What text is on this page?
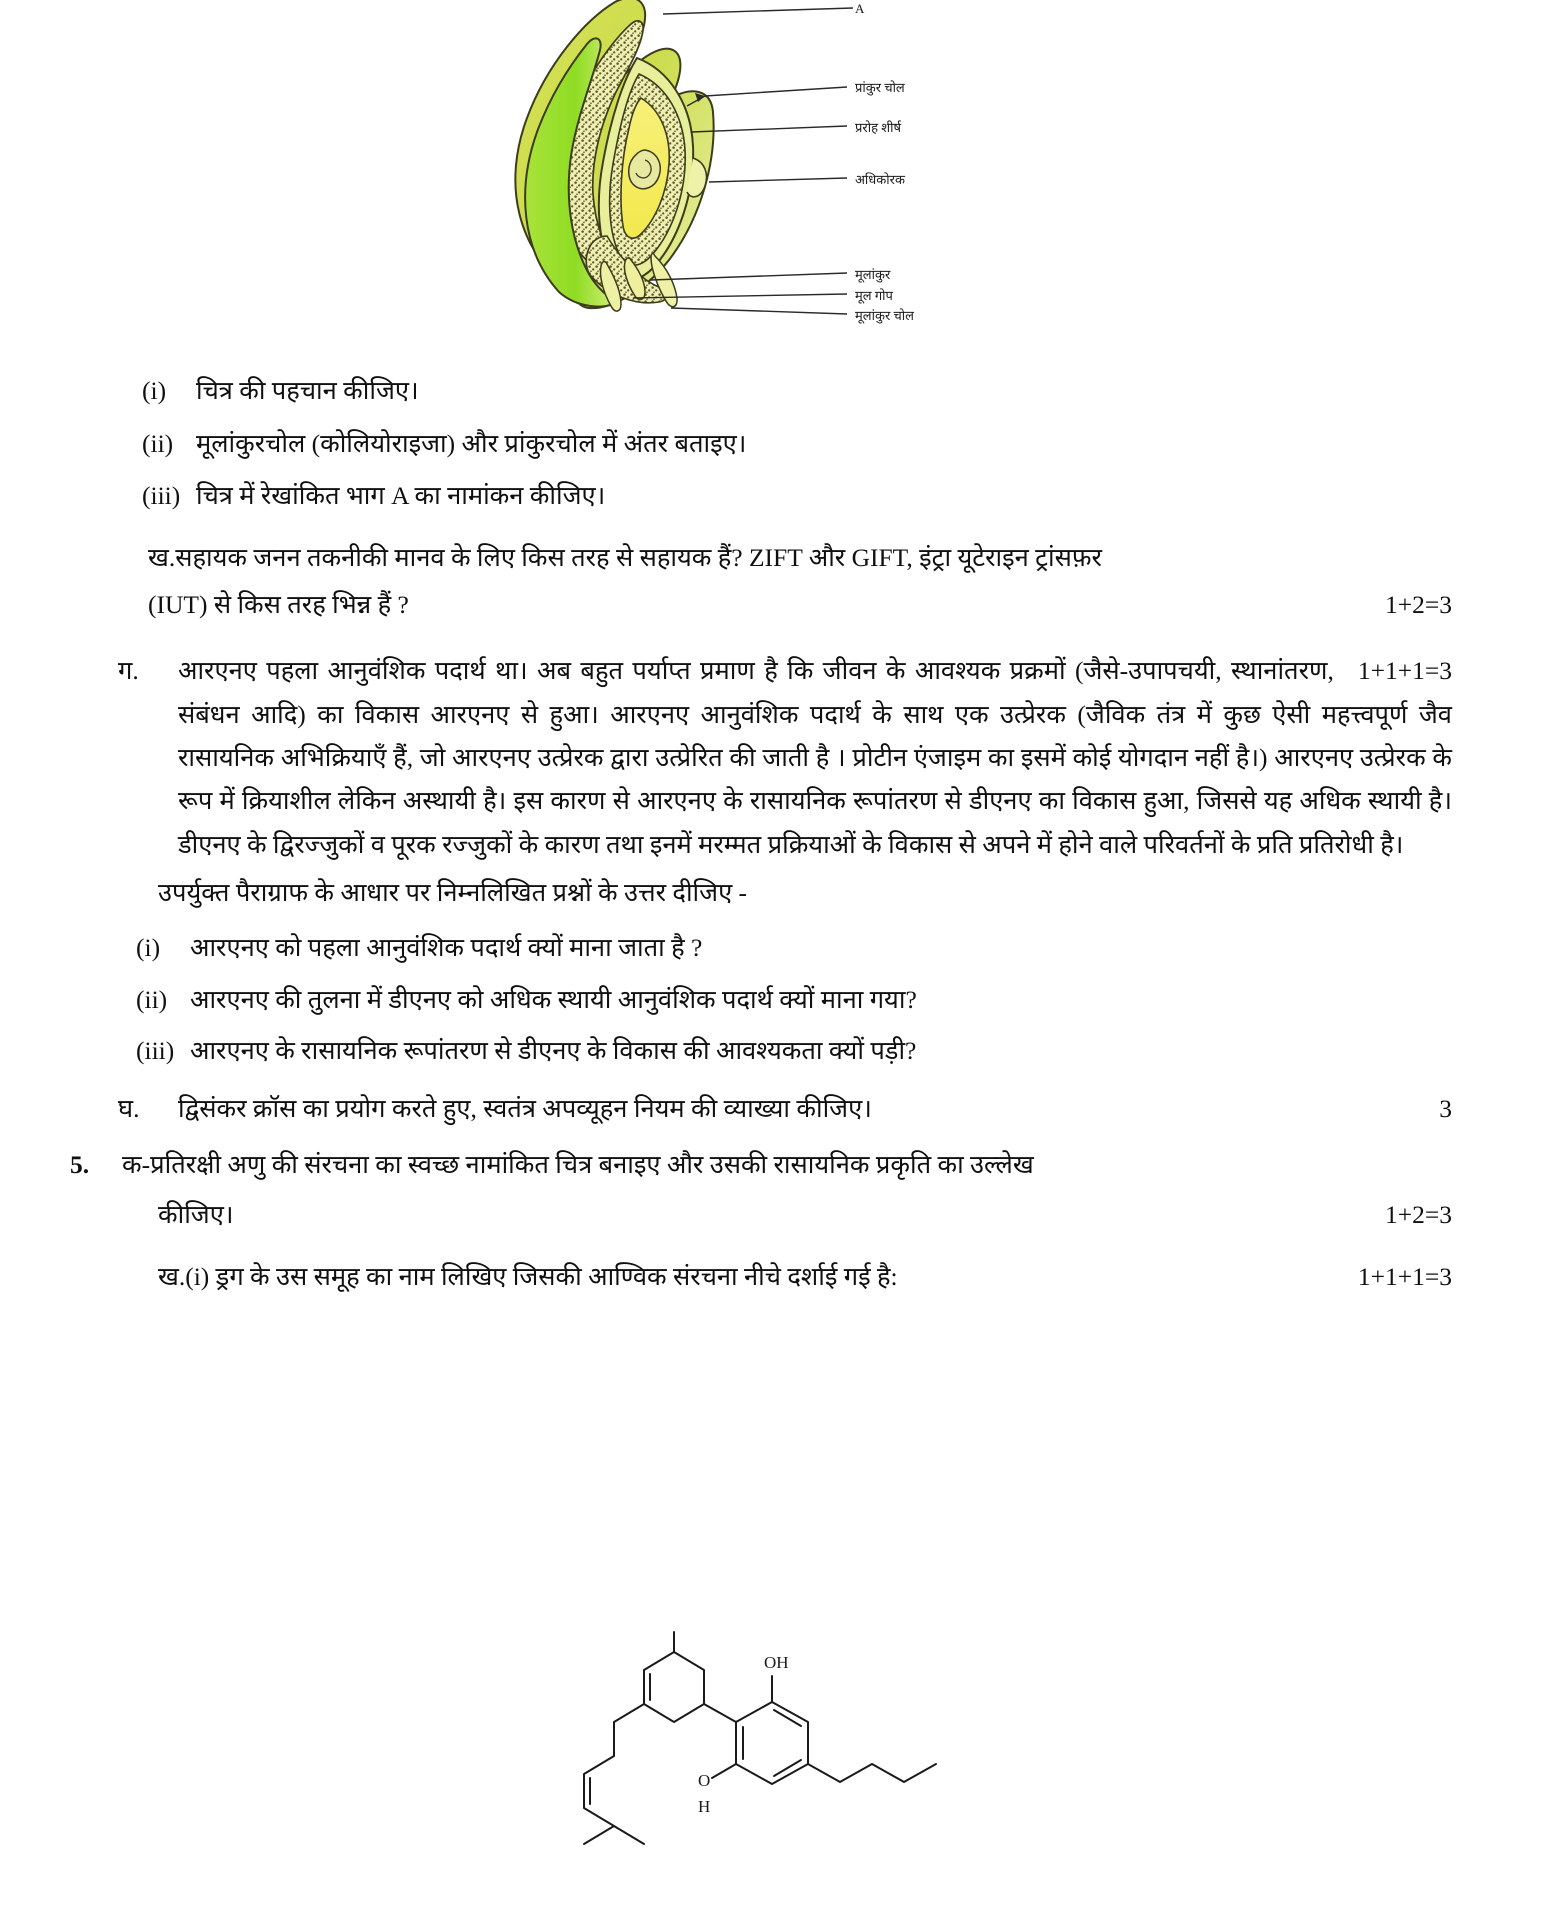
A
प्रांकुर चोल
प्ररोह शीर्ष
अधिकोरक
मूलांकुर
मूल गोप
मूलांकुर चोल
(i)	चित्र की पहचान कीजिए।
(ii) मूलांकुरचोल (कोलियोराइजा) और प्रांकुरचोल में अंतर बताइए।
(iii) चित्र में रेखांकित भाग A का नामांकन कीजिए।
ख.सहायक जनन तकनीकी मानव के लिए किस तरह से सहायक हैं? ZIFT और GIFT, इंट्रा यूटेराइन ट्रांसफ़र
1+2=3
(IUT) से किस तरह भिन्न हैं ?
1+1+1=3
ग. आरएनए पहला आनुवंशिक पदार्थ था। अब बहुत पर्याप्त प्रमाण है कि जीवन के आवश्यक प्रक्रमों (जैसे-उपापचयी, स्थानांतरण, संबंधन आदि) का विकास आरएनए से हुआ। आरएनए आनुवंशिक पदार्थ के साथ एक उत्प्रेरक (जैविक तंत्र में कुछ ऐसी महत्त्वपूर्ण जैव रासायनिक अभिक्रियाएँ हैं, जो आरएनए उत्प्रेरक द्वारा उत्प्रेरित की जाती है । प्रोटीन एंजाइम का इसमें कोई योगदान नहीं है।) आरएनए उत्प्रेरक के रूप में क्रियाशील लेकिन अस्थायी है। इस कारण से आरएनए के रासायनिक रूपांतरण से डीएनए का विकास हुआ, जिससे यह अधिक स्थायी है। डीएनए के द्विरज्जुकों व पूरक रज्जुकों के कारण तथा इनमें मरम्मत प्रक्रियाओं के विकास से अपने में होने वाले परिवर्तनों के प्रति प्रतिरोधी है।
उपर्युक्त पैराग्राफ के आधार पर निम्नलिखित प्रश्नों के उत्तर दीजिए -
(i)	आरएनए को पहला आनुवंशिक पदार्थ क्यों माना जाता है ?
(ii) आरएनए की तुलना में डीएनए को अधिक स्थायी आनुवंशिक पदार्थ क्यों माना गया?
(iii) आरएनए के रासायनिक रूपांतरण से डीएनए के विकास की आवश्यकता क्यों पड़ी?
3
घ. द्विसंकर क्रॉस का प्रयोग करते हुए, स्वतंत्र अपव्यूहन नियम की व्याख्या कीजिए।
5. क-प्रतिरक्षी अणु की संरचना का स्वच्छ नामांकित चित्र बनाइए और उसकी रासायनिक प्रकृति का उल्लेख
1+2=3
कीजिए।
1+1+1=3
ख.(i) ड्रग के उस समूह का नाम लिखिए जिसकी आण्विक संरचना नीचे दर्शाई गई है:
OH
O
H
